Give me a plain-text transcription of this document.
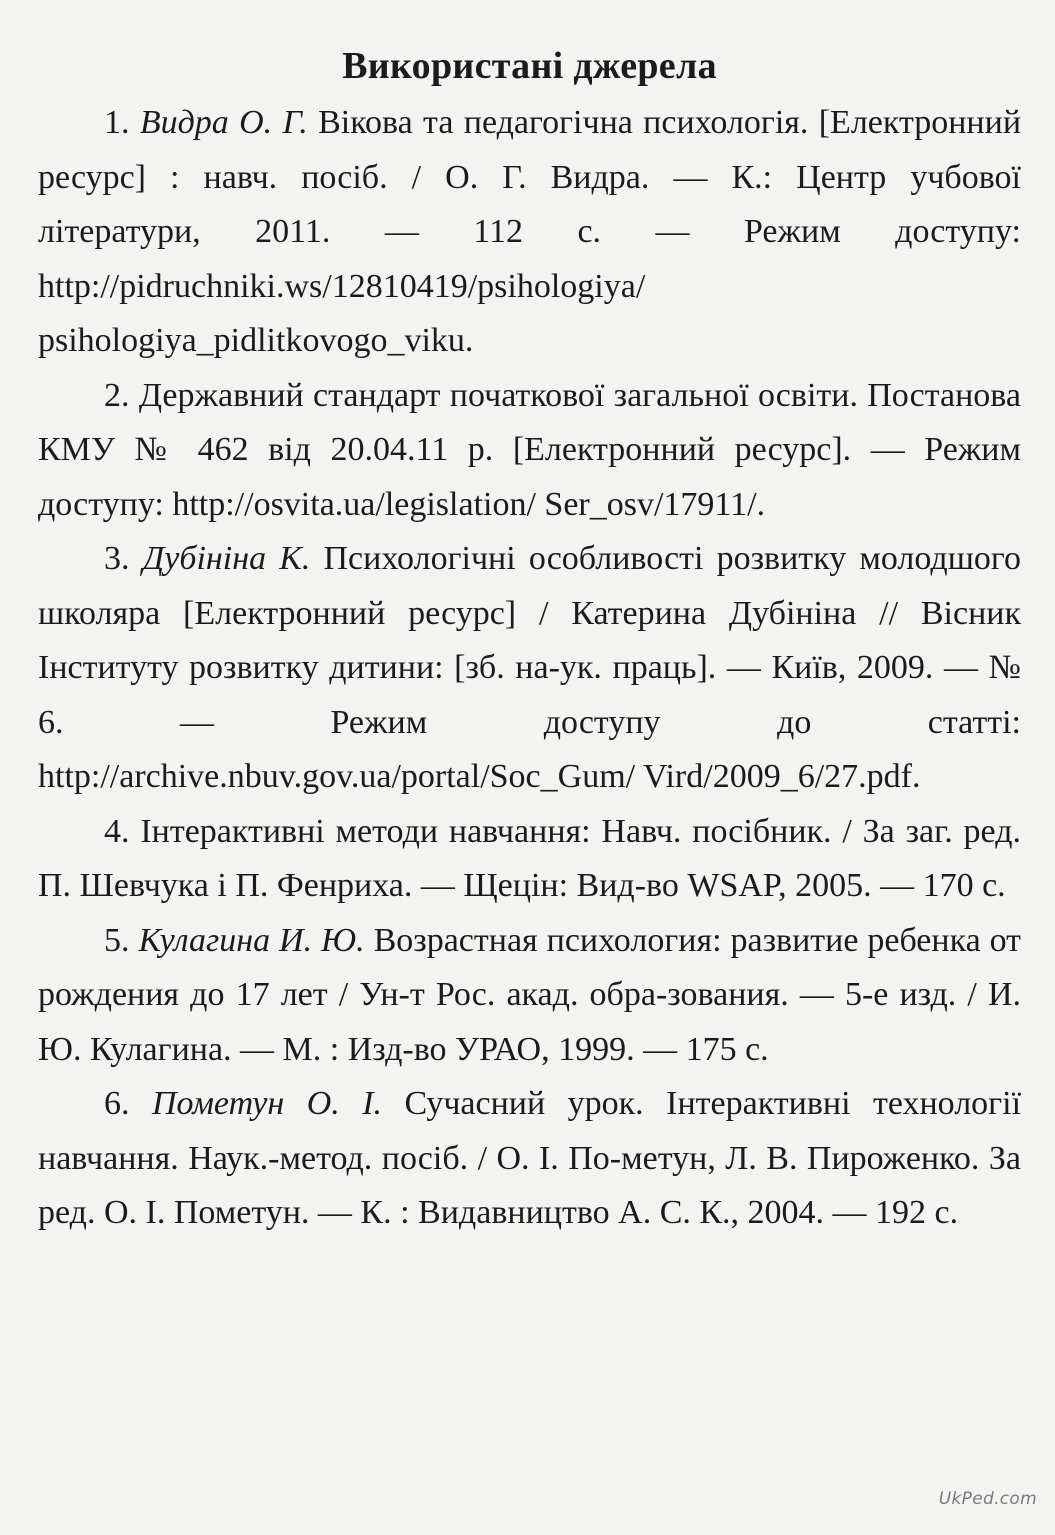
Використані джерела

1. Видра О. Г. Вікова та педагогічна психологія. [Електронний ресурс] : навч. посіб. / О. Г. Видра. — К.: Центр учбової літератури, 2011. — 112 с. — Режим доступу: http://pidruchniki.ws/12810419/psihologiya/ psihologiya_pidlitkovogo_viku.

2. Державний стандарт початкової загальної освіти. Постанова КМУ № 462 від 20.04.11 р. [Електронний ресурс]. — Режим доступу: http://osvita.ua/legislation/ Ser_osv/17911/.

3. Дубініна К. Психологічні особливості розвитку молодшого школяра [Електронний ресурс] / Катерина Дубініна // Вісник Інституту розвитку дитини: [зб. на-ук. праць]. — Київ, 2009. — № 6. — Режим доступу до статті: http://archive.nbuv.gov.ua/portal/Soc_Gum/ Vird/2009_6/27.pdf.

4. Інтерактивні методи навчання: Навч. посібник. / За заг. ред. П. Шевчука і П. Фенриха. — Щецін: Вид-во WSAP, 2005. — 170 с.

5. Кулагина И. Ю. Возрастная психология: развитие ребенка от рождения до 17 лет / Ун-т Рос. акад. обра-зования. — 5-е изд. / И. Ю. Кулагина. — М. : Изд-во УРАО, 1999. — 175 с.

6. Пометун О. І. Сучасний урок. Інтерактивні технології навчання. Наук.-метод. посіб. / О. І. По-метун, Л. В. Пироженко. За ред. О. І. Пометун. — К. : Видавництво А. С. К., 2004. — 192 с.

UkPed.com
